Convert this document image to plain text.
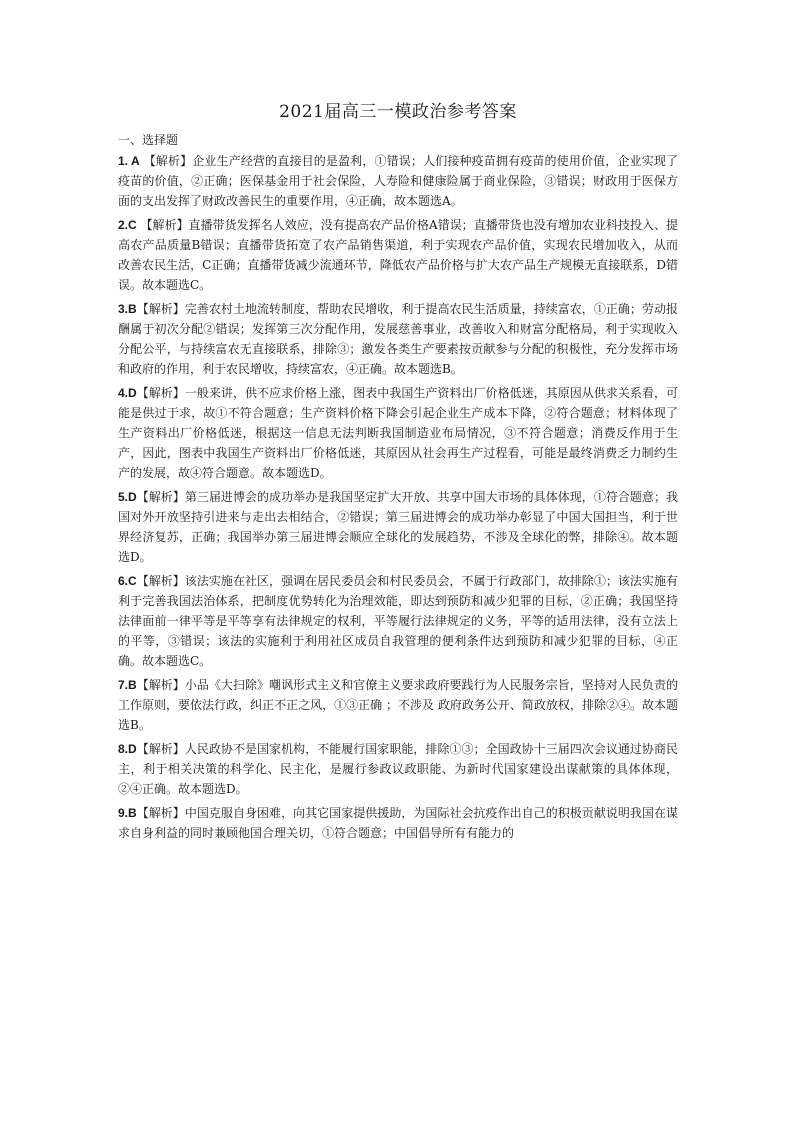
2021届高三一模政治参考答案
一、选择题

1. A 【解析】企业生产经营的直接目的是盈利，①错误；人们接种疫苗拥有疫苗的使用价值，企业实现了疫苗的价值，②正确；医保基金用于社会保险，人寿险和健康险属于商业保险，③错误；财政用于医保方面的支出发挥了财政改善民生的重要作用，④正确，故本题选A。

2.C 【解析】直播带货发挥名人效应，没有提高农产品价格A错误；直播带货也没有增加农业科技投入、提高农产品质量B错误；直播带货拓宽了农产品销售渠道，利于实现农产品价值，实现农民增加收入，从而改善农民生活，C正确；直播带货减少流通环节，降低农产品价格与扩大农产品生产规模无直接联系，D错误。故本题选C。

3.B【解析】完善农村土地流转制度，帮助农民增收，利于提高农民生活质量，持续富农，①正确；劳动报酬属于初次分配②错误；发挥第三次分配作用，发展慈善事业，改善收入和财富分配格局，利于实现收入分配公平，与持续富农无直接联系，排除③；激发各类生产要素按贡献参与分配的积极性，充分发挥市场和政府的作用，利于农民增收，持续富农，④正确。故本题选B。

4.D【解析】一般来讲，供不应求价格上涨，图表中我国生产资料出厂价格低迷，其原因从供求关系看，可能是供过于求，故①不符合题意；生产资料价格下降会引起企业生产成本下降，②符合题意；材料体现了生产资料出厂价格低迷，根据这一信息无法判断我国制造业布局情况，③不符合题意；消费反作用于生产，因此，图表中我国生产资料出厂价格低迷，其原因从社会再生产过程看，可能是最终消费乏力制约生产的发展，故④符合题意。故本题选D。

5.D【解析】第三届进博会的成功举办是我国坚定扩大开放、共享中国大市场的具体体现，①符合题意；我国对外开放坚持引进来与走出去相结合，②错误；第三届进博会的成功举办彰显了中国大国担当，利于世界经济复苏，正确；我国举办第三届进博会顺应全球化的发展趋势，不涉及全球化的弊，排除④。故本题选D。

6.C【解析】该法实施在社区，强调在居民委员会和村民委员会，不属于行政部门，故排除①；该法实施有利于完善我国法治体系，把制度优势转化为治理效能，即达到预防和减少犯罪的目标，②正确；我国坚持法律面前一律平等是平等享有法律规定的权利，平等履行法律规定的义务，平等的适用法律，没有立法上的平等，③错误；该法的实施利于利用社区成员自我管理的便利条件达到预防和减少犯罪的目标，④正确。故本题选C。

7.B【解析】小品《大扫除》嘲讽形式主义和官僚主义要求政府要践行为人民服务宗旨，坚持对人民负责的工作原则，要依法行政，纠正不正之风，①③正确 ；不涉及 政府政务公开、简政放权，排除②④。故本题选B。

8.D【解析】人民政协不是国家机构，不能履行国家职能，排除①③；全国政协十三届四次会议通过协商民主，利于相关决策的科学化、民主化，是履行参政议政职能、为新时代国家建设出谋献策的具体体现，②④正确。故本题选D。

9.B【解析】中国克服自身困难，向其它国家提供援助，为国际社会抗疫作出自己的积极贡献说明我国在谋求自身利益的同时兼顾他国合理关切，①符合题意；中国倡导所有有能力的
